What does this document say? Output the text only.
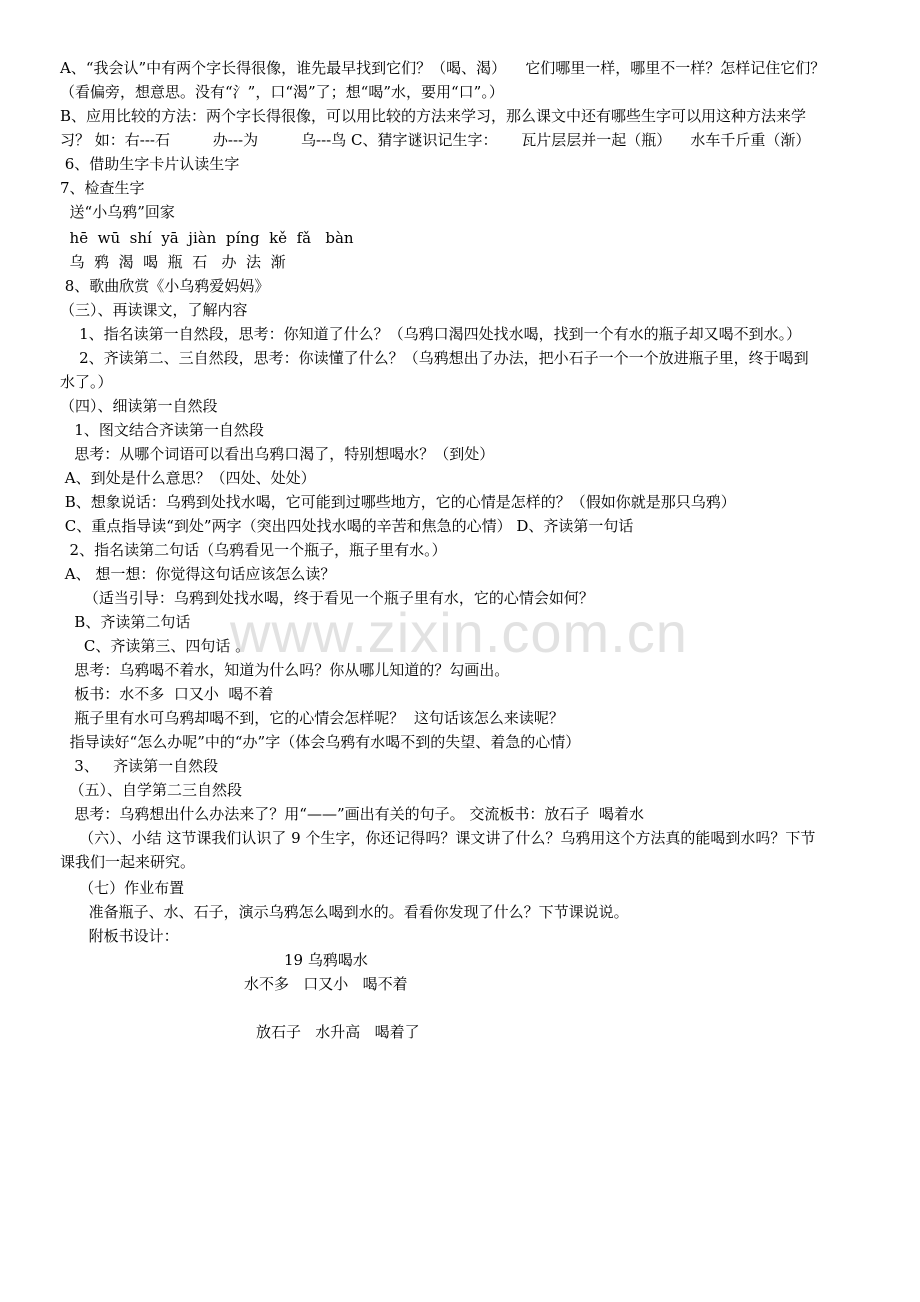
A、“我会认”中有两个字长得很像，谁先最早找到它们？（喝、渴）    它们哪里一样，哪里不一样？怎样记住它们？
（看偏旁，想意思。没有“氵”，口“渴”了；想“喝”水，要用“口”。）
B、应用比较的方法：两个字长得很像，可以用比较的方法来学习，那么课文中还有哪些生字可以用这种方法来学
习？ 如：右---石         办---为         乌---鸟 C、猜字谜识记生字：     瓦片层层并一起（瓶）    水车千斤重（渐）
6、借助生字卡片认读生字
7、检查生字
送“小乌鸦”回家
hē  wū  shí  yā  jiàn  píng  kě  fǎ   bàn
乌  鸦  渴  喝  瓶  石   办  法  渐
8、歌曲欣赏《小乌鸦爱妈妈》
（三）、再读课文，了解内容
1、指名读第一自然段，思考：你知道了什么？（乌鸦口渴四处找水喝，找到一个有水的瓶子却又喝不到水。）
2、齐读第二、三自然段，思考：你读懂了什么？（乌鸦想出了办法，把小石子一个一个放进瓶子里，终于喝到
水了。）
（四）、细读第一自然段
1、图文结合齐读第一自然段
思考：从哪个词语可以看出乌鸦口渴了，特别想喝水？（到处）
A、到处是什么意思？（四处、处处）
B、想象说话：乌鸦到处找水喝，它可能到过哪些地方，它的心情是怎样的？（假如你就是那只乌鸦）
C、重点指导读“到处”两字（突出四处找水喝的辛苦和焦急的心情） D、齐读第一句话
2、指名读第二句话（乌鸦看见一个瓶子，瓶子里有水。）
A、 想一想：你觉得这句话应该怎么读？
（适当引导：乌鸦到处找水喝，终于看见一个瓶子里有水，它的心情会如何？
B、齐读第二句话
C、齐读第三、四句话 。
思考：乌鸦喝不着水，知道为什么吗？你从哪儿知道的？勾画出。
板书：水不多  口又小  喝不着
瓶子里有水可乌鸦却喝不到，它的心情会怎样呢？  这句话该怎么来读呢？
指导读好“怎么办呢”中的“办”字（体会乌鸦有水喝不到的失望、着急的心情）
3、   齐读第一自然段
（五）、自学第二三自然段
思考：乌鸦想出什么办法来了？用“——”画出有关的句子。 交流板书：放石子  喝着水
（六）、小结 这节课我们认识了 9 个生字，你还记得吗？课文讲了什么？乌鸦用这个方法真的能喝到水吗？下节
课我们一起来研究。
（七）作业布置
准备瓶子、水、石子，演示乌鸦怎么喝到水的。看看你发现了什么？下节课说说。
附板书设计：
19 乌鸦喝水
水不多   口又小   喝不着
放石子   水升高   喝着了
www.zixin.com.cn
